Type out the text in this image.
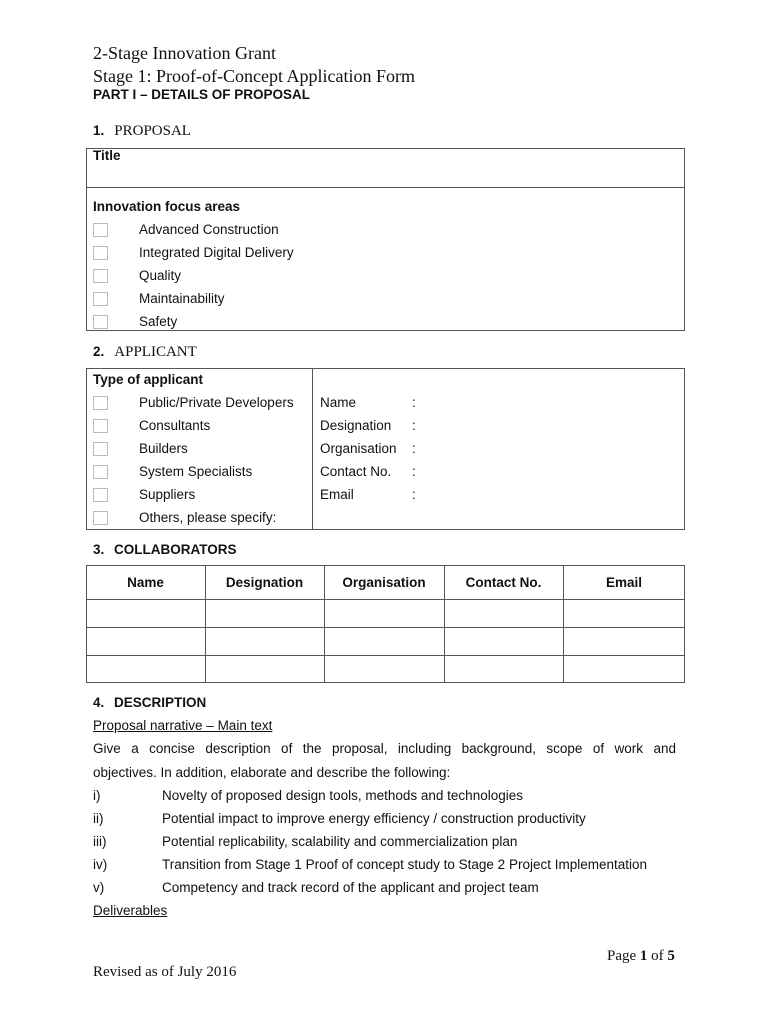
2-Stage Innovation Grant
Stage 1: Proof-of-Concept Application Form
PART I – DETAILS OF PROPOSAL
1. PROPOSAL
Title
Innovation focus areas
Advanced Construction
Integrated Digital Delivery
Quality
Maintainability
Safety
2. APPLICANT
Type of applicant
Public/Private Developers
Consultants
Builders
System Specialists
Suppliers
Others, please specify:
Name	:
Designation :
Organisation :
Contact No. :
Email	:
3. COLLABORATORS
Name	Designation	Organisation	Contact No.	Email
4. DESCRIPTION
Proposal narrative – Main text
Give a concise description of the proposal, including background, scope of work and
objectives. In addition, elaborate and describe the following:
i)	Novelty of proposed design tools, methods and technologies
ii)	Potential impact to improve energy efficiency / construction productivity
iii)	Potential replicability, scalability and commercialization plan
iv)	Transition from Stage 1 Proof of concept study to Stage 2 Project Implementation
v)	Competency and track record of the applicant and project team
Deliverables
Page 1 of 5
Revised as of July 2016
